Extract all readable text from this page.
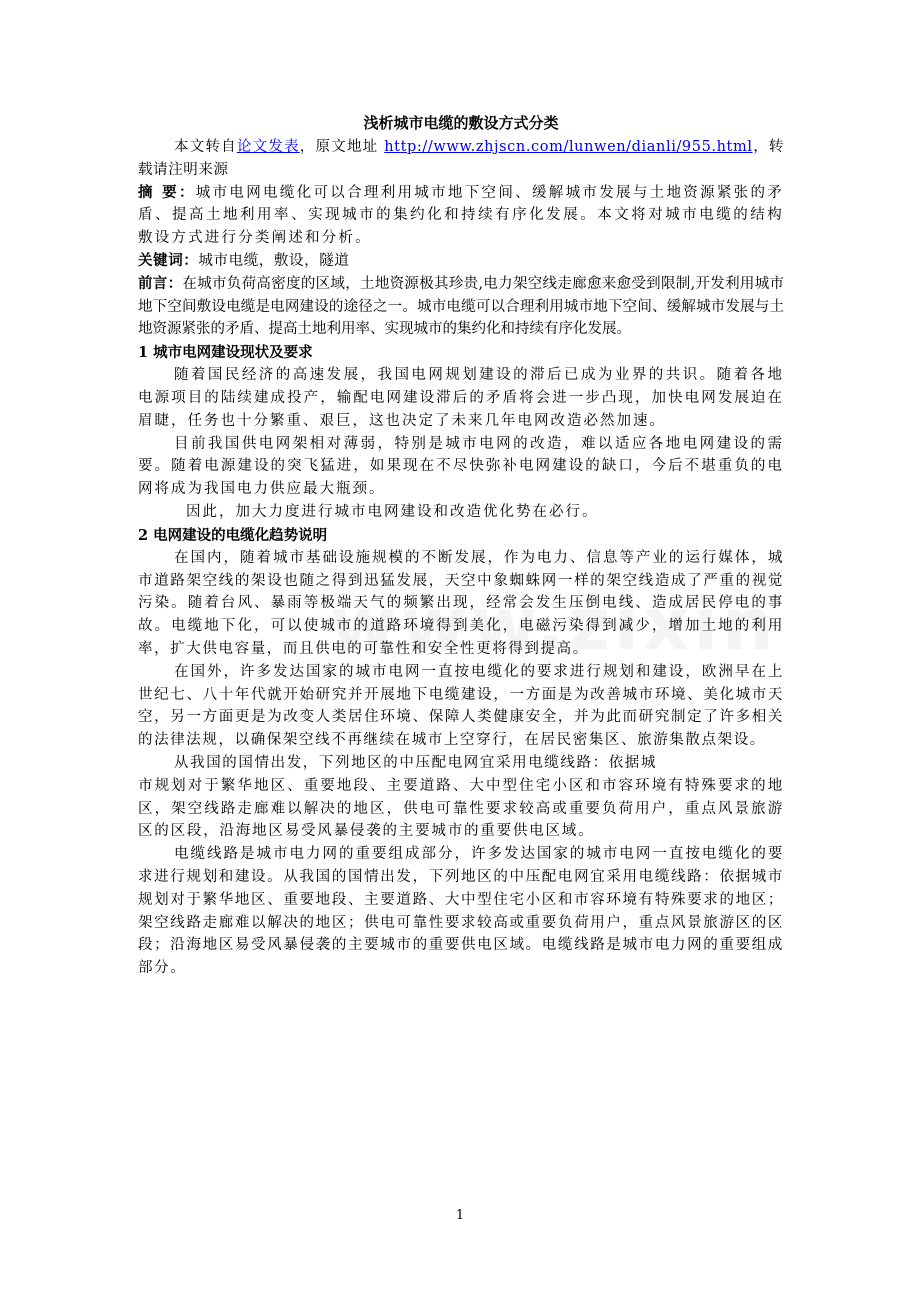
浅析城市电缆的敷设方式分类

本文转自论文发表，原文地址 http://www.zhjscn.com/lunwen/dianli/955.html，转载请注明来源

摘 要：城市电网电缆化可以合理利用城市地下空间、缓解城市发展与土地资源紧张的矛盾、提高土地利用率、实现城市的集约化和持续有序化发展。本文将对城市电缆的结构敷设方式进行分类阐述和分析。

关键词：城市电缆，敷设，隧道

前言：在城市负荷高密度的区域，土地资源极其珍贵,电力架空线走廊愈来愈受到限制,开发利用城市地下空间敷设电缆是电网建设的途径之一。城市电缆可以合理利用城市地下空间、缓解城市发展与土地资源紧张的矛盾、提高土地利用率、实现城市的集约化和持续有序化发展。

1 城市电网建设现状及要求

随着国民经济的高速发展，我国电网规划建设的滞后已成为业界的共识。随着各地电源项目的陆续建成投产，输配电网建设滞后的矛盾将会进一步凸现，加快电网发展迫在眉睫，任务也十分繁重、艰巨，这也决定了未来几年电网改造必然加速。

目前我国供电网架相对薄弱，特别是城市电网的改造，难以适应各地电网建设的需要。随着电源建设的突飞猛进，如果现在不尽快弥补电网建设的缺口，今后不堪重负的电网将成为我国电力供应最大瓶颈。

因此，加大力度进行城市电网建设和改造优化势在必行。

2 电网建设的电缆化趋势说明

在国内，随着城市基础设施规模的不断发展，作为电力、信息等产业的运行媒体，城市道路架空线的架设也随之得到迅猛发展，天空中象蜘蛛网一样的架空线造成了严重的视觉污染。随着台风、暴雨等极端天气的频繁出现，经常会发生压倒电线、造成居民停电的事故。电缆地下化，可以使城市的道路环境得到美化，电磁污染得到减少，增加土地的利用率，扩大供电容量，而且供电的可靠性和安全性更将得到提高。

在国外，许多发达国家的城市电网一直按电缆化的要求进行规划和建设，欧洲早在上世纪七、八十年代就开始研究并开展地下电缆建设，一方面是为改善城市环境、美化城市天空，另一方面更是为改变人类居住环境、保障人类健康安全，并为此而研究制定了许多相关的法律法规，以确保架空线不再继续在城市上空穿行，在居民密集区、旅游集散点架设。

从我国的国情出发，下列地区的中压配电网宜采用电缆线路：依据城

市规划对于繁华地区、重要地段、主要道路、大中型住宅小区和市容环境有特殊要求的地区，架空线路走廊难以解决的地区，供电可靠性要求较高或重要负荷用户，重点风景旅游区的区段，沿海地区易受风暴侵袭的主要城市的重要供电区域。

电缆线路是城市电力网的重要组成部分，许多发达国家的城市电网一直按电缆化的要求进行规划和建设。从我国的国情出发，下列地区的中压配电网宜采用电缆线路：依据城市规划对于繁华地区、重要地段、主要道路、大中型住宅小区和市容环境有特殊要求的地区；架空线路走廊难以解决的地区；供电可靠性要求较高或重要负荷用户，重点风景旅游区的区段；沿海地区易受风暴侵袭的主要城市的重要供电区域。电缆线路是城市电力网的重要组成部分。

1
